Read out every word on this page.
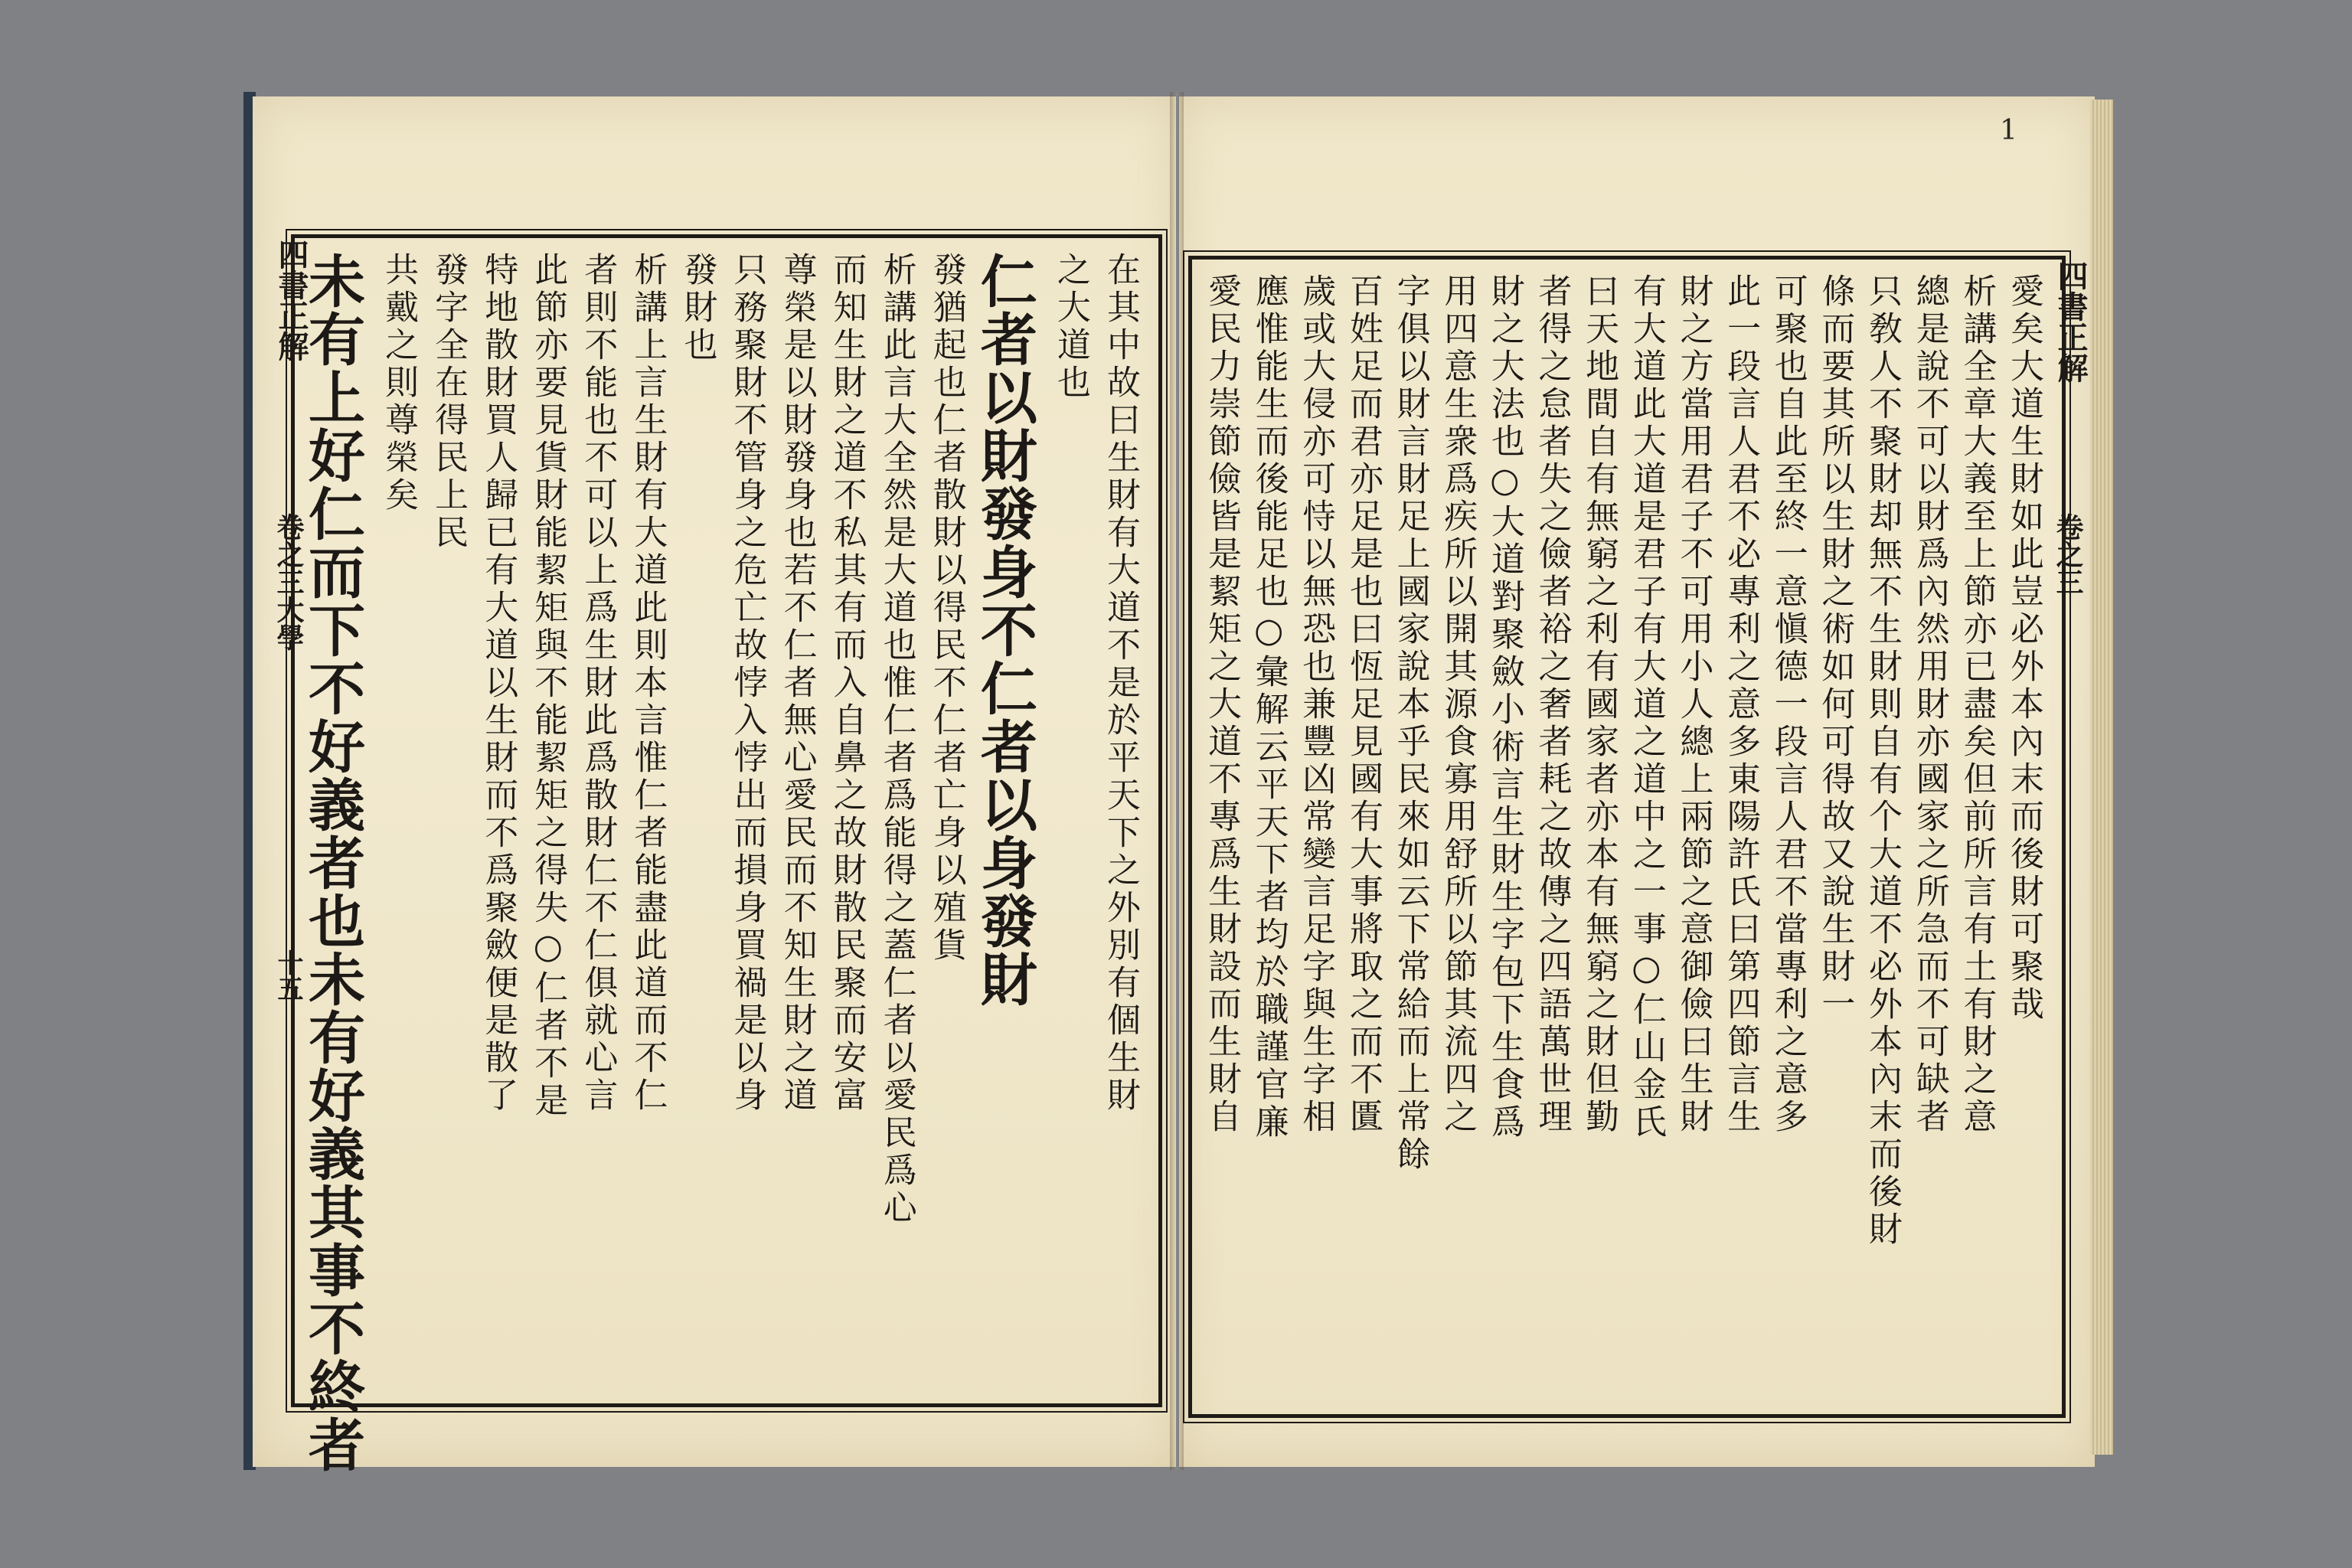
四書正解
卷之三大學
十五	在其中故曰生財有大道不是於平天下之外別有個生財
之大道也
仁者以財發身不仁者以身發財
發猶起也仁者散財以得民不仁者亡身以殖貨
析講此言大全然是大道也惟仁者爲能得之蓋仁者以愛民爲心
而知生財之道不私其有而入自鼻之故財散民聚而安富
尊榮是以財發身也若不仁者無心愛民而不知生財之道
只務聚財不管身之危亡故悖入悖出而損身買禍是以身
發財也
析講上言生財有大道此則本言惟仁者能盡此道而不仁
者則不能也不可以上爲生財此爲散財仁不仁俱就心言
此節亦要見貨財能絜矩與不能絜矩之得失○仁者不是
特地散財買人歸已有大道以生財而不爲聚斂便是散了
發字全在得民上民
共戴之則尊榮矣
未有上好仁而下不好義者也未有好義其事不終者
1
四書正解
卷之三
愛矣大道生財如此豈必外本內末而後財可聚哉
析講全章大義至上節亦已盡矣但前所言有土有財之意
總是說不可以財爲內然用財亦國家之所急而不可缺者
只敎人不聚財却無不生財則自有个大道不必外本內末而後財
條而要其所以生財之術如何可得故又說生財一
可聚也自此至終一意愼德一段言人君不當專利之意多
此一段言人君不必專利之意多東陽許氏曰第四節言生
財之方當用君子不可用小人總上兩節之意御儉曰生財
有大道此大道是君子有大道之道中之一事○仁山金氏
曰天地間自有無窮之利有國家者亦本有無窮之財但勤
者得之怠者失之儉者裕之奢者耗之故傳之四語萬世理
財之大法也○大道對聚斂小術言生財生字包下生食爲
用四意生衆爲疾所以開其源食寡用舒所以節其流四之
字俱以財言財足上國家說本乎民來如云下常給而上常餘
百姓足而君亦足是也曰恆足見國有大事將取之而不匱
歲或大侵亦可恃以無恐也兼豐凶常變言足字與生字相
應惟能生而後能足也○彙解云平天下者均於職謹官廉
愛民力崇節儉皆是絜矩之大道不專爲生財設而生財自
